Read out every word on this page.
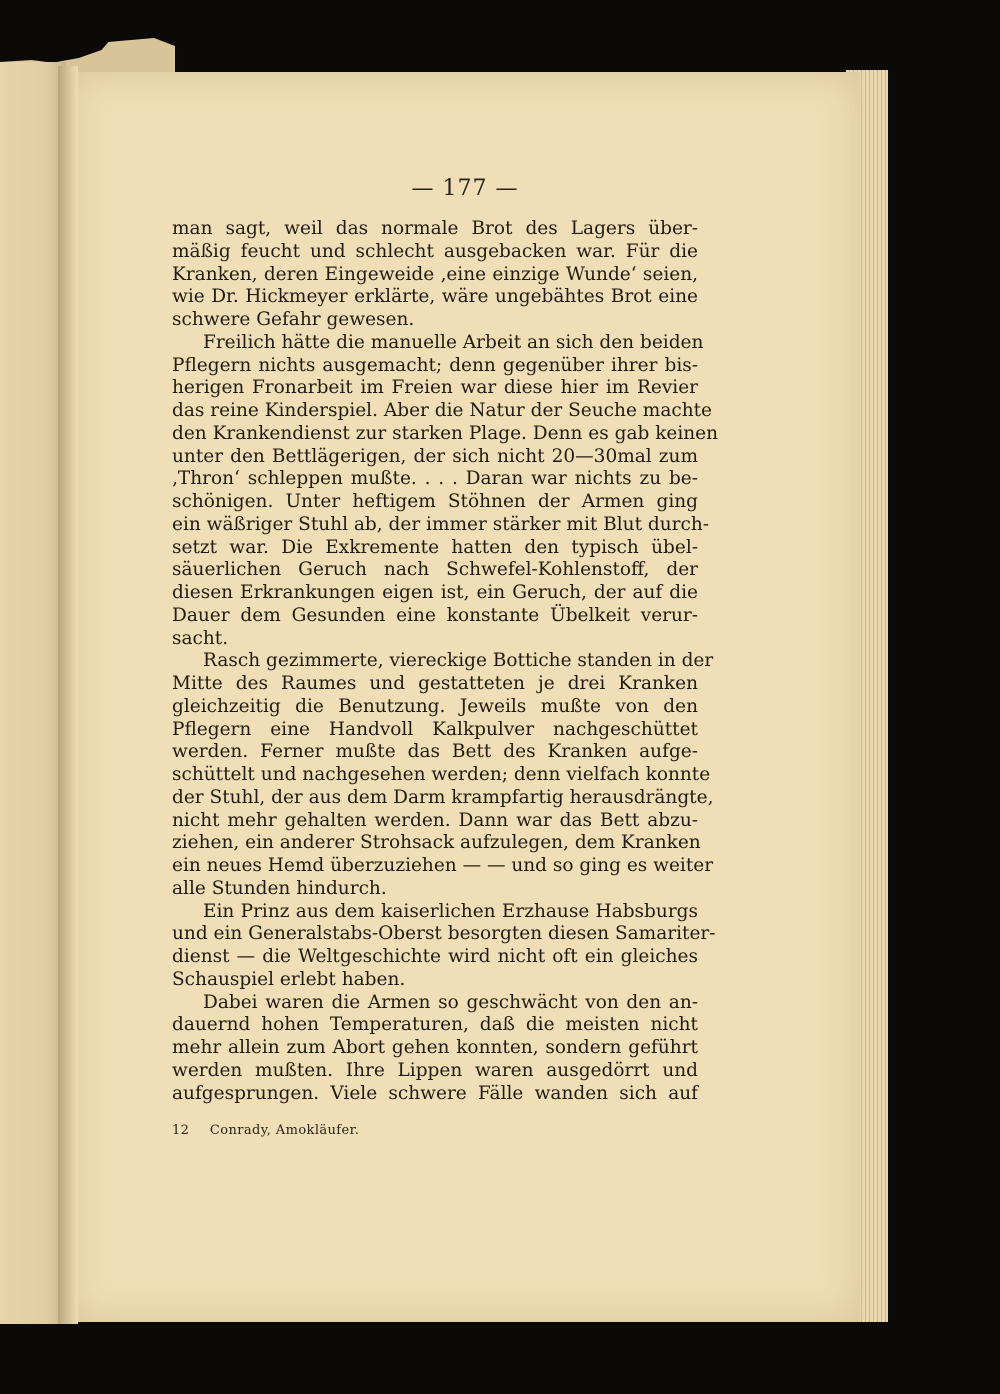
— 177 —
man sagt, weil das normale Brot des Lagers über-
mäßig feucht und schlecht ausgebacken war. Für die
Kranken, deren Eingeweide ‚eine einzige Wunde‘ seien,
wie Dr. Hickmeyer erklärte, wäre ungebähtes Brot eine
schwere Gefahr gewesen.
Freilich hätte die manuelle Arbeit an sich den beiden
Pflegern nichts ausgemacht; denn gegenüber ihrer bis-
herigen Fronarbeit im Freien war diese hier im Revier
das reine Kinderspiel. Aber die Natur der Seuche machte
den Krankendienst zur starken Plage. Denn es gab keinen
unter den Bettlägerigen, der sich nicht 20—30mal zum
‚Thron‘ schleppen mußte. . . . Daran war nichts zu be-
schönigen. Unter heftigem Stöhnen der Armen ging
ein wäßriger Stuhl ab, der immer stärker mit Blut durch-
setzt war. Die Exkremente hatten den typisch übel-
säuerlichen Geruch nach Schwefel-Kohlenstoff, der
diesen Erkrankungen eigen ist, ein Geruch, der auf die
Dauer dem Gesunden eine konstante Übelkeit verur-
sacht.
Rasch gezimmerte, viereckige Bottiche standen in der
Mitte des Raumes und gestatteten je drei Kranken
gleichzeitig die Benutzung. Jeweils mußte von den
Pflegern eine Handvoll Kalkpulver nachgeschüttet
werden. Ferner mußte das Bett des Kranken aufge-
schüttelt und nachgesehen werden; denn vielfach konnte
der Stuhl, der aus dem Darm krampfartig herausdrängte,
nicht mehr gehalten werden. Dann war das Bett abzu-
ziehen, ein anderer Strohsack aufzulegen, dem Kranken
ein neues Hemd überzuziehen — — und so ging es weiter
alle Stunden hindurch.
Ein Prinz aus dem kaiserlichen Erzhause Habsburgs
und ein Generalstabs-Oberst besorgten diesen Samariter-
dienst — die Weltgeschichte wird nicht oft ein gleiches
Schauspiel erlebt haben.
Dabei waren die Armen so geschwächt von den an-
dauernd hohen Temperaturen, daß die meisten nicht
mehr allein zum Abort gehen konnten, sondern geführt
werden mußten. Ihre Lippen waren ausgedörrt und
aufgesprungen. Viele schwere Fälle wanden sich auf
12 Conrady, Amokläufer.
